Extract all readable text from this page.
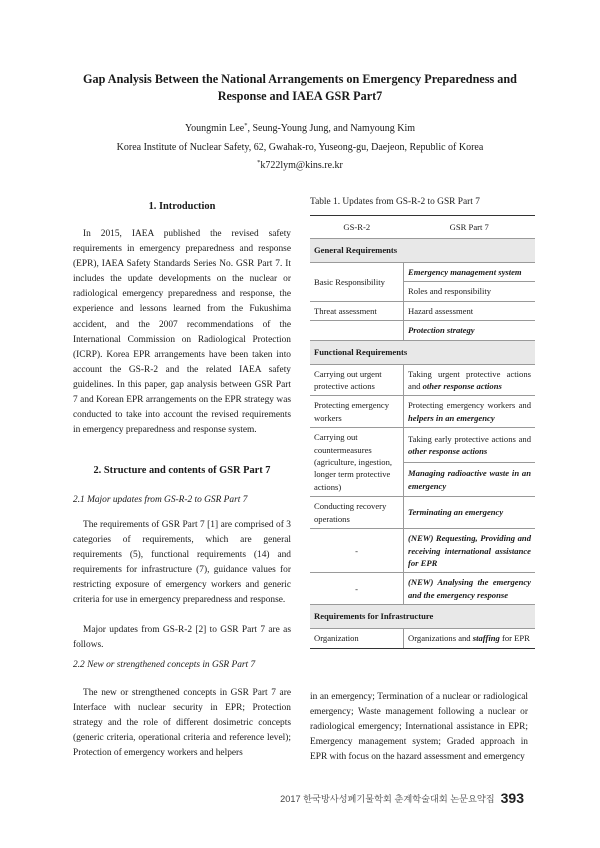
Gap Analysis Between the National Arrangements on Emergency Preparedness and
Response and IAEA GSR Part7
Youngmin Lee*, Seung-Young Jung, and Namyoung Kim
Korea Institute of Nuclear Safety, 62, Gwahak-ro, Yuseong-gu, Daejeon, Republic of Korea
*k722lym@kins.re.kr
1. Introduction

In 2015, IAEA published the revised safety requirements in emergency preparedness and response (EPR), IAEA Safety Standards Series No. GSR Part 7. It includes the update developments on the nuclear or radiological emergency preparedness and response, the experience and lessons learned from the Fukushima accident, and the 2007 recommendations of the International Commission on Radiological Protection (ICRP). Korea EPR arrangements have been taken into account the GS-R-2 and the related IAEA safety guidelines. In this paper, gap analysis between GSR Part 7 and Korean EPR arrangements on the EPR strategy was conducted to take into account the revised requirements in emergency preparedness and response system.

2. Structure and contents of GSR Part 7
2.1 Major updates from GS-R-2 to GSR Part 7

The requirements of GSR Part 7 [1] are comprised of 3 categories of requirements, which are general requirements (5), functional requirements (14) and requirements for infrastructure (7), guidance values for restricting exposure of emergency workers and generic criteria for use in emergency preparedness and response.

Major updates from GS-R-2 [2] to GSR Part 7 are as follows.

2.2 New or strengthened concepts in GSR Part 7

The new or strengthened concepts in GSR Part 7 are Interface with nuclear security in EPR; Protection strategy and the role of different dosimetric concepts (generic criteria, operational criteria and reference level); Protection of emergency workers and helpers

Table 1. Updates from GS-R-2 to GSR Part 7
GS-R-2	GSR Part 7
General Requirements	
Basic Responsibility	Emergency management system
	Roles and responsibility
Threat assessment	Hazard assessment
	Protection strategy
Functional Requirements	
Carrying out urgent protective actions	Taking urgent protective actions and other response actions
Protecting emergency workers	Protecting emergency workers and helpers in an emergency
Carrying out countermeasures (agriculture, ingestion, longer term protective actions)	Taking early protective actions and other response actions
	Managing radioactive waste in an emergency
Conducting recovery operations	Terminating an emergency
-	(NEW) Requesting, Providing and receiving international assistance for EPR
-	(NEW) Analysing the emergency and the emergency response
Requirements for Infrastructure	
Organization	Organizations and staffing for EPR

in an emergency; Termination of a nuclear or radiological emergency; Waste management following a nuclear or radiological emergency; International assistance in EPR; Emergency management system; Graded approach in EPR with focus on the hazard assessment and emergency

2017 한국방사성폐기물학회 춘계학술대회 논문요약집 393
